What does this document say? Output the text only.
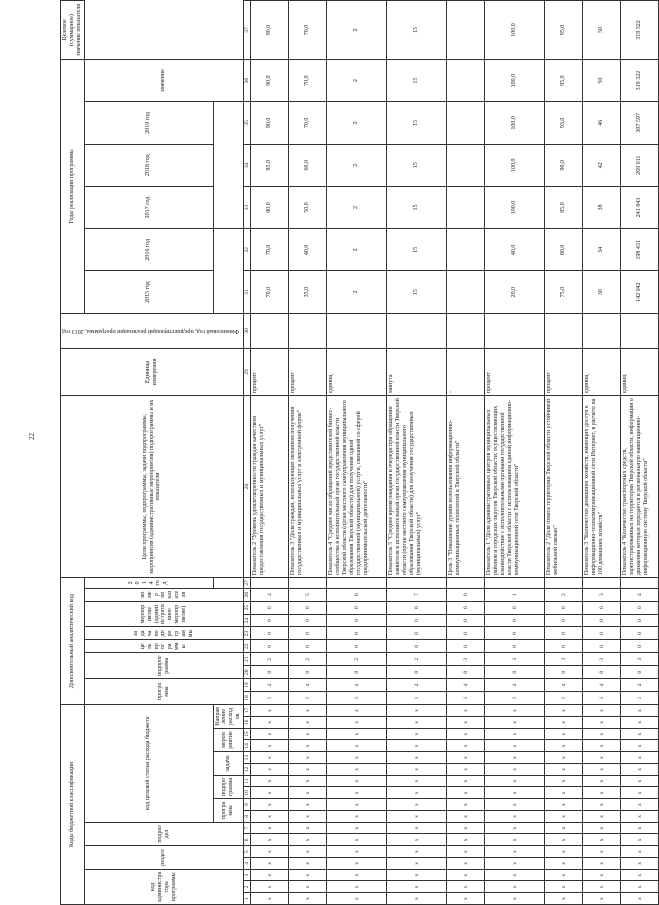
22
Коды бюджетной классификации																	Дополнительный аналитический код										Цели программы, подпрограммы, задачи подпрограммы, мероприятия (административные мероприятия) подпрограммы и их показатели	Единица измерения	Финансовый год, предшествующий реализации программы, 2013 год	Годы реализации программы						Целевое (суммарное) значение показателя
код администратора программы			раздел		подраздел		код целевой статьи расхода бюджета										программа		подпрограмма		цель программы	задача подпрограммы	мероприятие (административное мероприятие)		номер показателя	2014 год				2015 год	2016 год	2017 год	2018 год	2019 год	значение	
							программа		подпрограмма		задача		мероприятие		Направление расходов																					
1	2	3	4	5	6	7	8	9	10	11	12	13	14	15	16	17	18	19	20	21	22	23	24	25	26	27	28	29	30	31	32	33	34	35	36	37
x	x	x	x	x	x	x	x	x	x	x	x	x	x	x	x	x	1	4	0	2	0	0	0	0	4		Показатель 2 "Уровень удовлетворенности граждан качеством предоставления государственных и муниципальных услуг"	процент		70,0	70,0	80,0	85,0	90,0	90,0	90,0
x	x	x	x	x	x	x	x	x	x	x	x	x	x	x	x	x	1	4	0	2	0	0	0	0	5		Показатель 3 "Доля граждан, использующих механизм получения государственных и муниципальных услуг в электронной форме"	процент		35,0	40,0	50,0	60,0	70,0	70,0	70,0
x	x	x	x	x	x	x	x	x	x	x	x	x	x	x	x	x	1	4	0	2	0	0	0	0	6		Показатель 4 "Среднее число обращений представителей бизнес-сообщества в исполнительный орган государственной власти Тверской области (орган местного самоуправления муниципального образования Тверской области) для получения одной государственной (муниципальной) услуги, связанной со сферой предпринимательской деятельности"	единиц		2	2	2	2	2	2	2
x	x	x	x	x	x	x	x	x	x	x	x	x	x	x	x	x	1	4	0	2	0	0	0	0	7		Показатель 5 "Среднее время ожидания в очереди при обращении заявителя в исполнительный орган государственной власти Тверской области (орган местного самоуправления муниципального образования Тверской области) для получения государственных (муниципальных) услуг"	минута		15	15	15	15	15	15	15
x	x	x	x	x	x	x	x	x	x	x	x	x	x	x	x	x	1	4	0	3	0	0	0	0	0		Цель 3 "Повышение уровня использования информационно-коммуникационных технологий в Тверской области"	-								
x	x	x	x	x	x	x	x	x	x	x	x	x	x	x	x	x	1	4	0	3	0	0	0	0	1		Показатель 1 "Доля административных центров муниципальных районов и городских округов Тверской области, осуществляющих взаимодействие с исполнительными органами государственной власти Тверской области с использованием единой информационно-коммуникационной сети Тверской области"	процент		20,0	40,0	100,0	100,0	100,0	100,0	100,0
x	x	x	x	x	x	x	x	x	x	x	x	x	x	x	x	x	1	4	0	3	0	0	0	0	2		Показатель 2 "Доля охвата территории Тверской области устойчивой мобильной связью"	процент		75,0	80,0	85,0	90,0	93,0	95,0	95,0
x	x	x	x	x	x	x	x	x	x	x	x	x	x	x	x	x	1	4	0	3	0	0	0	0	3		Показатель 3 "Количество домашних хозяйств, имеющих доступ к информационно-телекоммуникационной сети Интернет, в расчете на 100 домашних хозяйств"	единиц		30	34	38	42	46	50	50
x	x	x	x	x	x	x	x	x	x	x	x	x	x	x	x	x	1	4	0	3	0	0	0	0	4		Показатель 4 "Количество транспортных средств, зарегистрированных на территории Тверской области, информация о движении которых передается в региональную навигационно-информационную систему Тверской области"	единиц		142 042	198 431	241 843	269 011	307 597	319 322	319 322
